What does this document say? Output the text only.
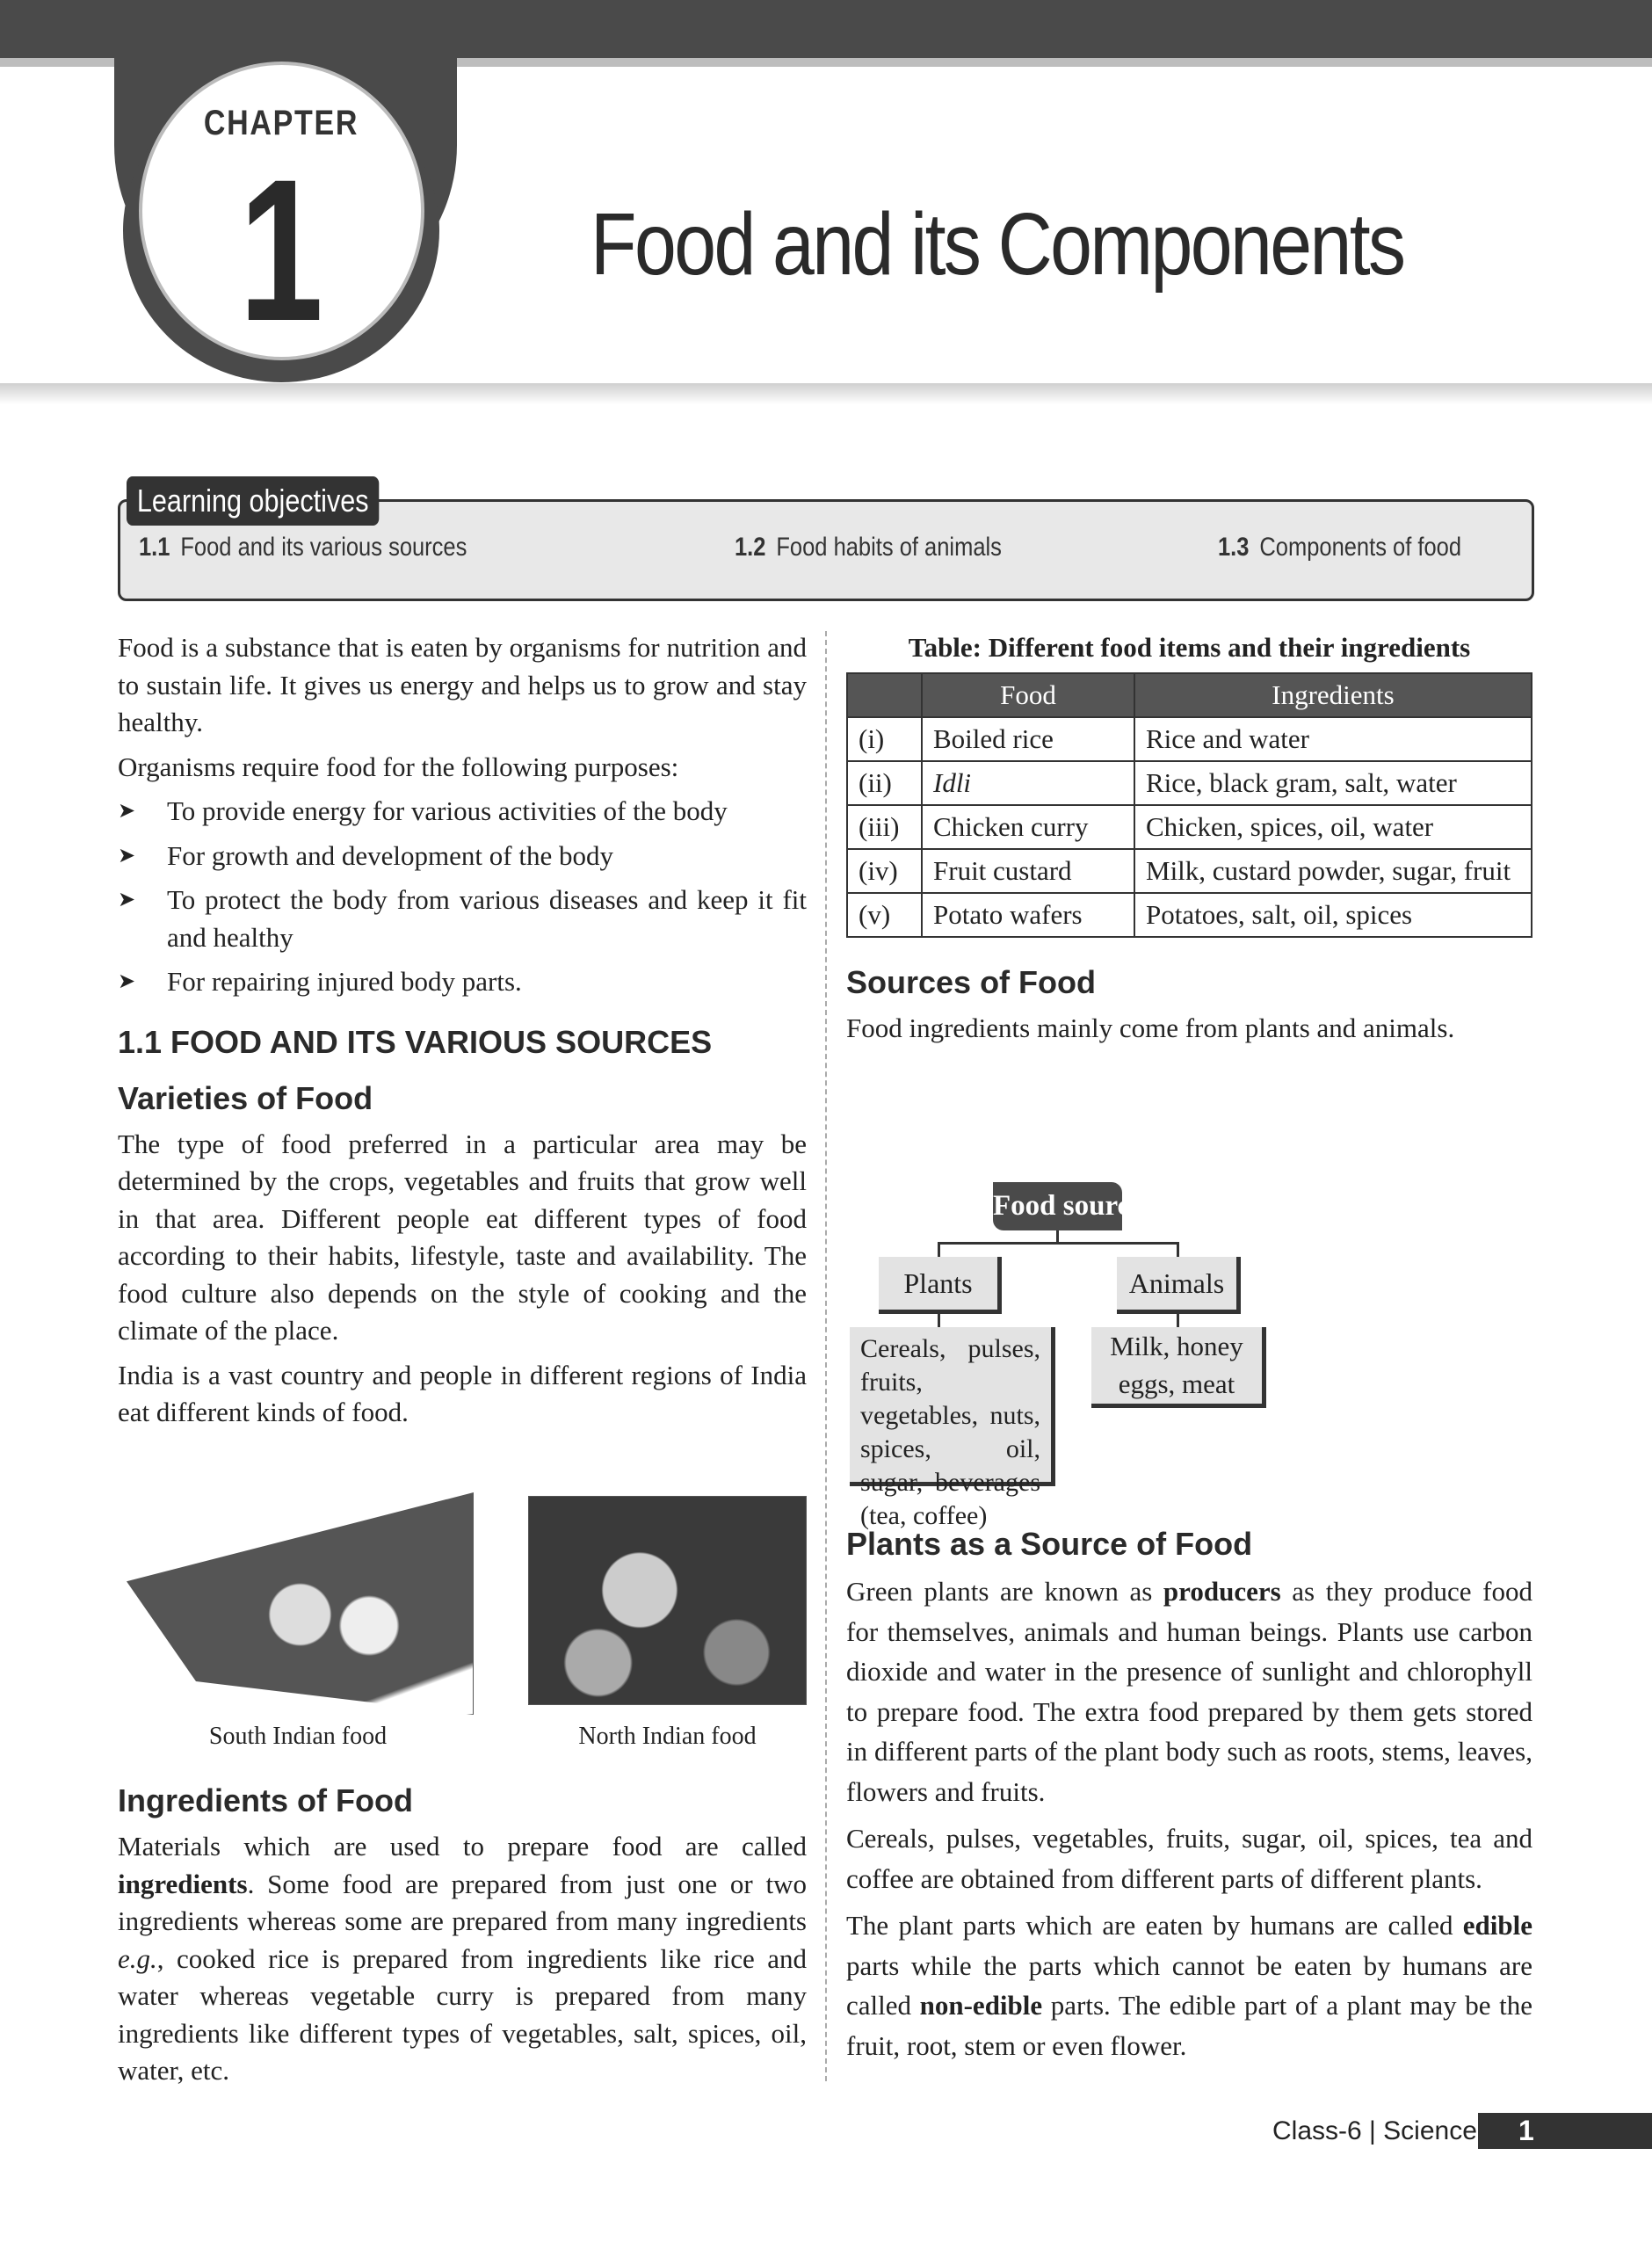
CHAPTER
1	Food and its Components
Learning objectives
1.1 Food and its various sources	1.2 Food habits of animals	1.3 Components of food

Food is a substance that is eaten by organisms for nutrition and to sustain life. It gives us energy and helps us to grow and stay healthy.

Organisms require food for the following purposes:

➤ To provide energy for various activities of the body
➤ For growth and development of the body
➤ To protect the body from various diseases and keep it fit and healthy
➤ For repairing injured body parts.
1.1 FOOD AND ITS VARIOUS SOURCES
Varieties of Food

The type of food preferred in a particular area may be determined by the crops, vegetables and fruits that grow well in that area. Different people eat different types of food according to their habits, lifestyle, taste and availability. The food culture also depends on the style of cooking and the climate of the place.

India is a vast country and people in different regions of India eat different kinds of food.

South Indian food	North Indian food
Ingredients of Food

Materials which are used to prepare food are called ingredients. Some food are prepared from just one or two ingredients whereas some are prepared from many ingredients e.g., cooked rice is prepared from ingredients like rice and water whereas vegetable curry is prepared from many ingredients like different types of vegetables, salt, spices, oil, water, etc.

Table: Different food items and their ingredients
	Food	Ingredients
(i)	Boiled rice	Rice and water
(ii)	Idli	Rice, black gram, salt, water
(iii)	Chicken curry	Chicken, spices, oil, water
(iv)	Fruit custard	Milk, custard powder, sugar, fruit
(v)	Potato wafers	Potatoes, salt, oil, spices
Sources of Food

Food ingredients mainly come from plants and animals.

Food sources
Plants	Animals
Cereals, pulses, fruits, vegetables, nuts, spices, oil, sugar, beverages (tea, coffee)
Milk, honey
eggs, meat
Plants as a Source of Food

Green plants are known as producers as they produce food for themselves, animals and human beings. Plants use carbon dioxide and water in the presence of sunlight and chlorophyll to prepare food. The extra food prepared by them gets stored in different parts of the plant body such as roots, stems, leaves, flowers and fruits.

Cereals, pulses, vegetables, fruits, sugar, oil, spices, tea and coffee are obtained from different parts of different plants.

The plant parts which are eaten by humans are called edible parts while the parts which cannot be eaten by humans are called non-edible parts. The edible part of a plant may be the fruit, root, stem or even flower.

Class-6 | Science	1
